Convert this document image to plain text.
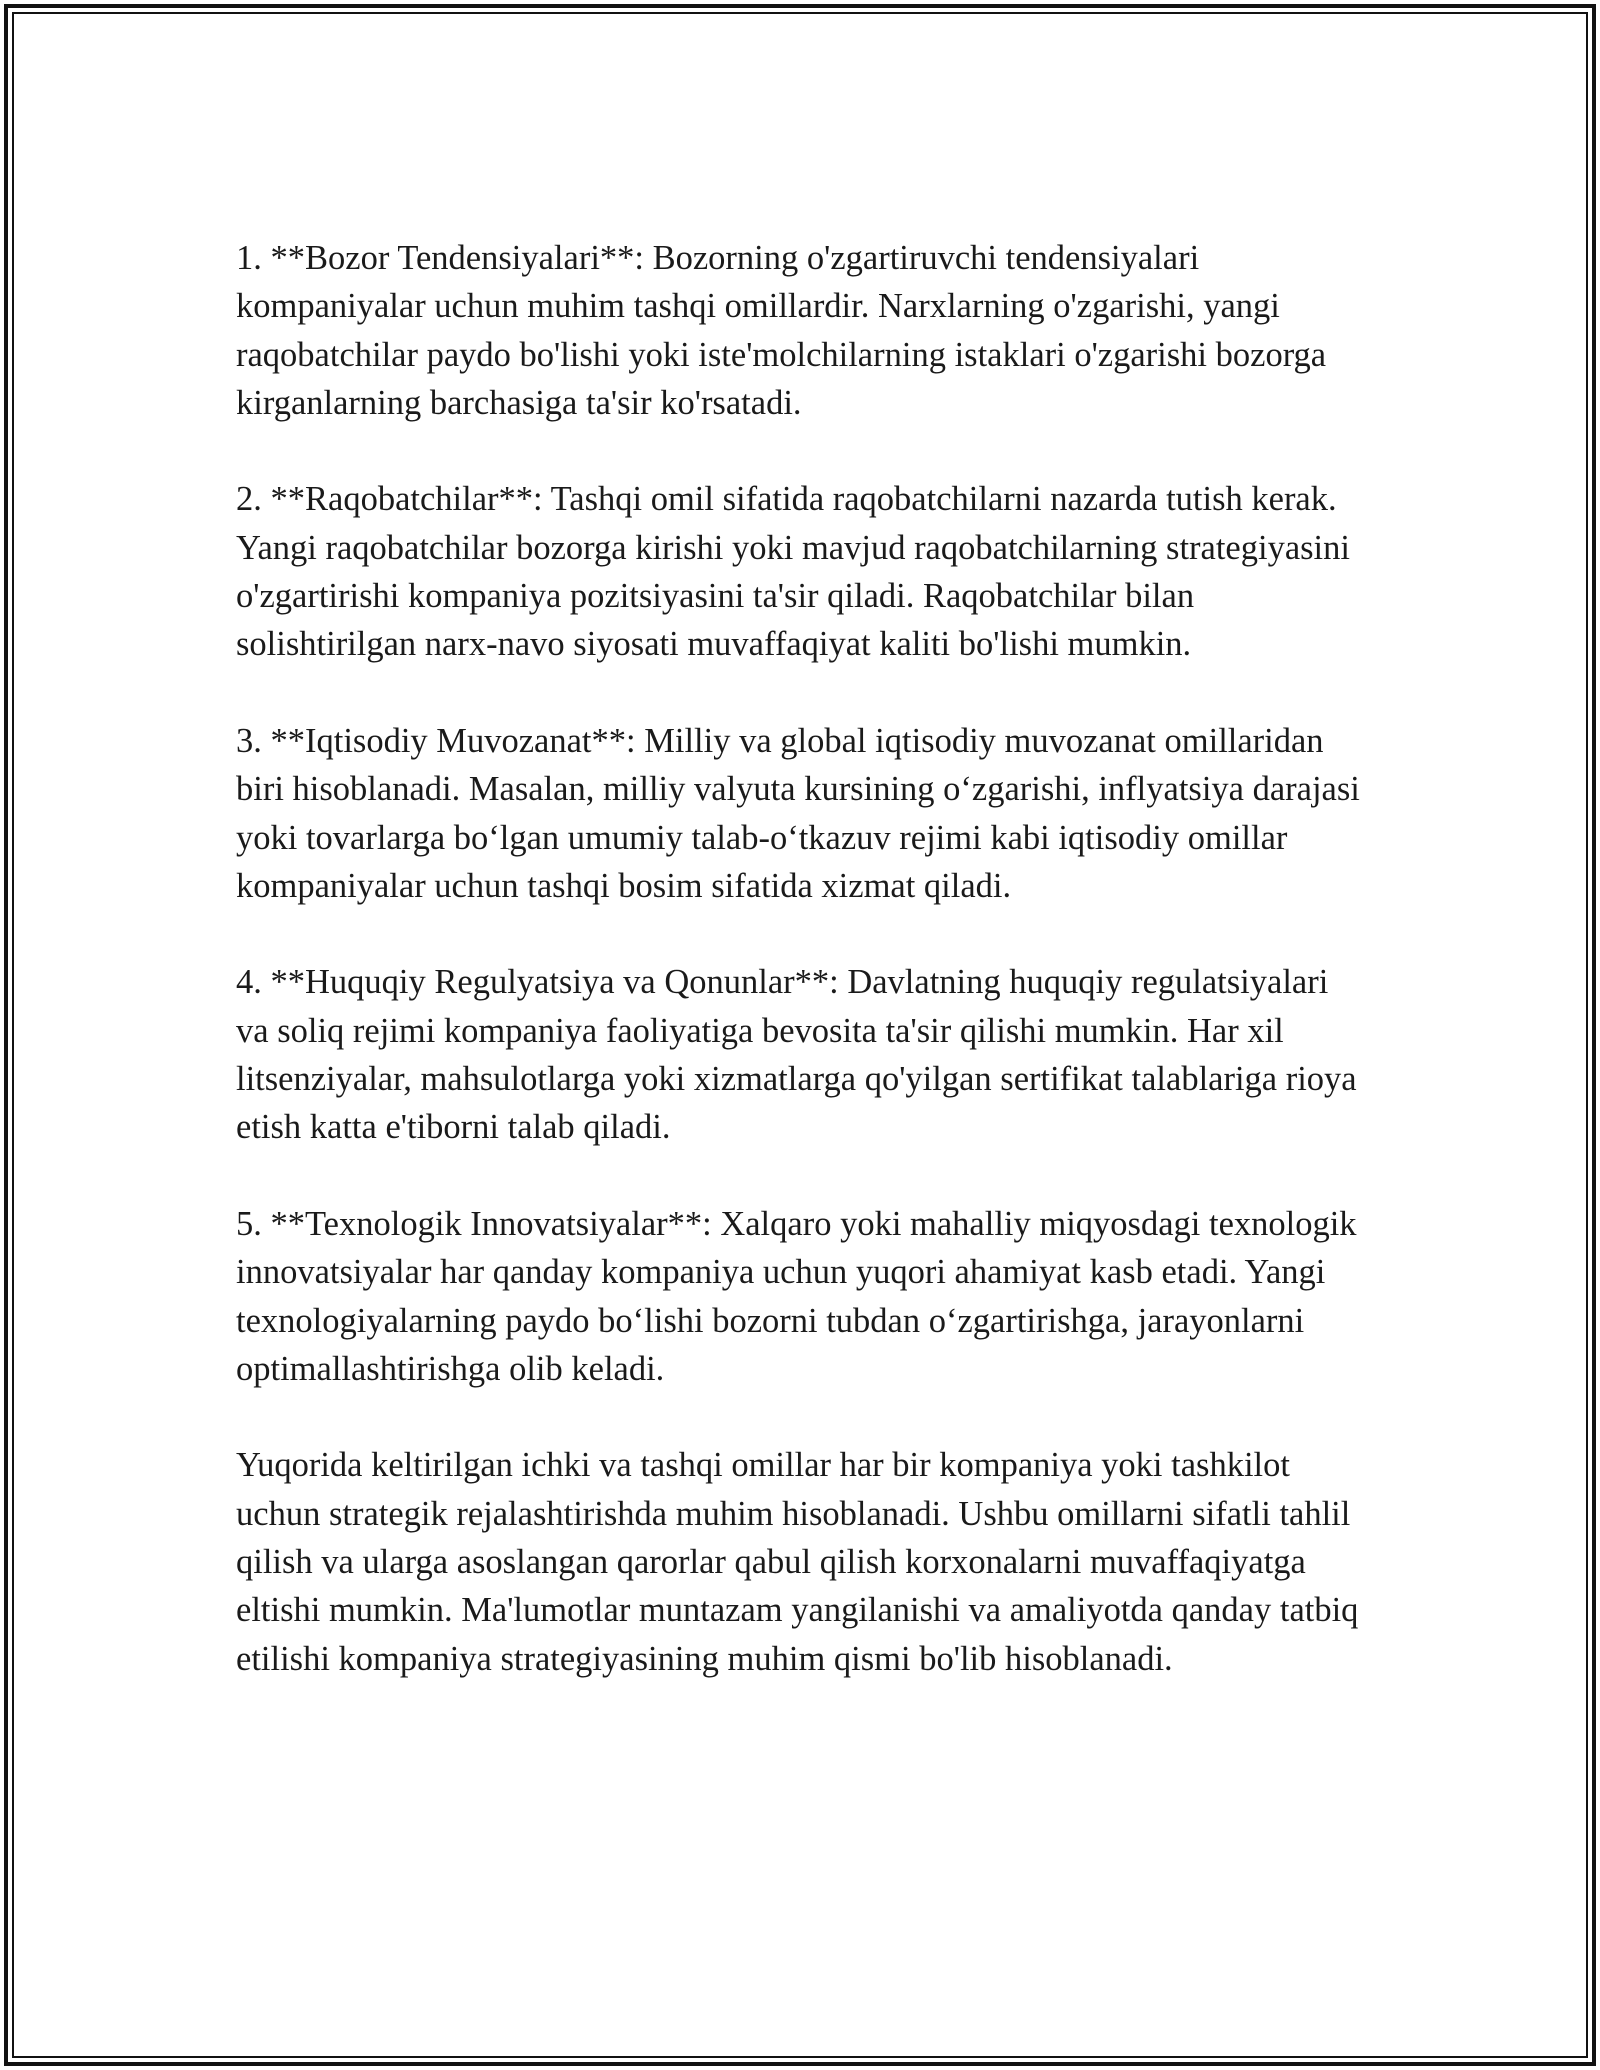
1. **Bozor Tendensiyalari**: Bozorning o'zgartiruvchi tendensiyalari kompaniyalar uchun muhim tashqi omillardir. Narxlarning o'zgarishi, yangi raqobatchilar paydo bo'lishi yoki iste'molchilarning istaklari o'zgarishi bozorga kirganlarning barchasiga ta'sir ko'rsatadi.

2. **Raqobatchilar**: Tashqi omil sifatida raqobatchilarni nazarda tutish kerak. Yangi raqobatchilar bozorga kirishi yoki mavjud raqobatchilarning strategiyasini o'zgartirishi kompaniya pozitsiyasini ta'sir qiladi. Raqobatchilar bilan solishtirilgan narx-navo siyosati muvaffaqiyat kaliti bo'lishi mumkin.

3. **Iqtisodiy Muvozanat**: Milliy va global iqtisodiy muvozanat omillaridan biri hisoblanadi. Masalan, milliy valyuta kursining o‘zgarishi, inflyatsiya darajasi yoki tovarlarga bo‘lgan umumiy talab-o‘tkazuv rejimi kabi iqtisodiy omillar kompaniyalar uchun tashqi bosim sifatida xizmat qiladi.

4. **Huquqiy Regulyatsiya va Qonunlar**: Davlatning huquqiy regulatsiyalari va soliq rejimi kompaniya faoliyatiga bevosita ta'sir qilishi mumkin. Har xil litsenziyalar, mahsulotlarga yoki xizmatlarga qo'yilgan sertifikat talablariga rioya etish katta e'tiborni talab qiladi.

5. **Texnologik Innovatsiyalar**: Xalqaro yoki mahalliy miqyosdagi texnologik innovatsiyalar har qanday kompaniya uchun yuqori ahamiyat kasb etadi. Yangi texnologiyalarning paydo bo‘lishi bozorni tubdan o‘zgartirishga, jarayonlarni optimallashtirishga olib keladi.

Yuqorida keltirilgan ichki va tashqi omillar har bir kompaniya yoki tashkilot uchun strategik rejalashtirishda muhim hisoblanadi. Ushbu omillarni sifatli tahlil qilish va ularga asoslangan qarorlar qabul qilish korxonalarni muvaffaqiyatga eltishi mumkin. Ma'lumotlar muntazam yangilanishi va amaliyotda qanday tatbiq etilishi kompaniya strategiyasining muhim qismi bo'lib hisoblanadi.
